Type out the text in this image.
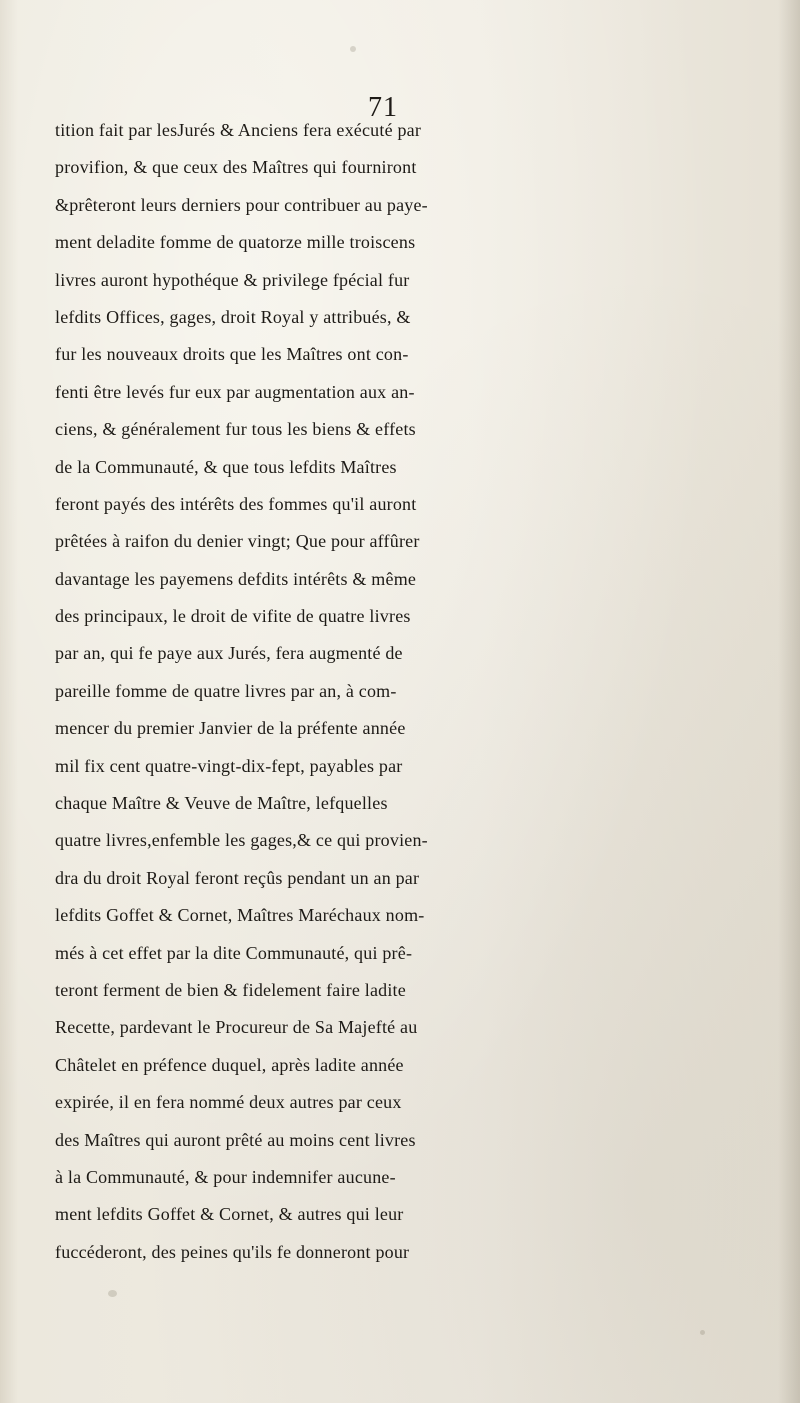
71
tition fait par lesJurés & Anciens fera exécuté par
provifion, & que ceux des Maîtres qui fourniront
&prêteront leurs derniers pour contribuer au paye-
ment deladite fomme de quatorze mille troiscens
livres auront hypothéque & privilege fpécial fur
lefdits Offices, gages, droit Royal y attribués, &
fur les nouveaux droits que les Maîtres ont con-
fenti être levés fur eux par augmentation aux an-
ciens, & généralement fur tous les biens & effets
de la Communauté, & que tous lefdits Maîtres
feront payés des intérêts des fommes qu'il auront
prêtées à raifon du denier vingt; Que pour affûrer
davantage les payemens defdits intérêts & même
des principaux, le droit de vifite de quatre livres
par an, qui fe paye aux Jurés, fera augmenté de
pareille fomme de quatre livres par an, à com-
mencer du premier Janvier de la préfente année
mil fix cent quatre-vingt-dix-fept, payables par
chaque Maître & Veuve de Maître, lefquelles
quatre livres,enfemble les gages,& ce qui provien-
dra du droit Royal feront reçûs pendant un an par
lefdits Goffet & Cornet, Maîtres Maréchaux nom-
més à cet effet par la dite Communauté, qui prê-
teront ferment de bien & fidelement faire ladite
Recette, pardevant le Procureur de Sa Majefté au
Châtelet en préfence duquel, après ladite année
expirée, il en fera nommé deux autres par ceux
des Maîtres qui auront prêté au moins cent livres
à la Communauté, & pour indemnifer aucune-
ment lefdits Goffet & Cornet, & autres qui leur
fuccéderont, des peines qu'ils fe donneront pour
